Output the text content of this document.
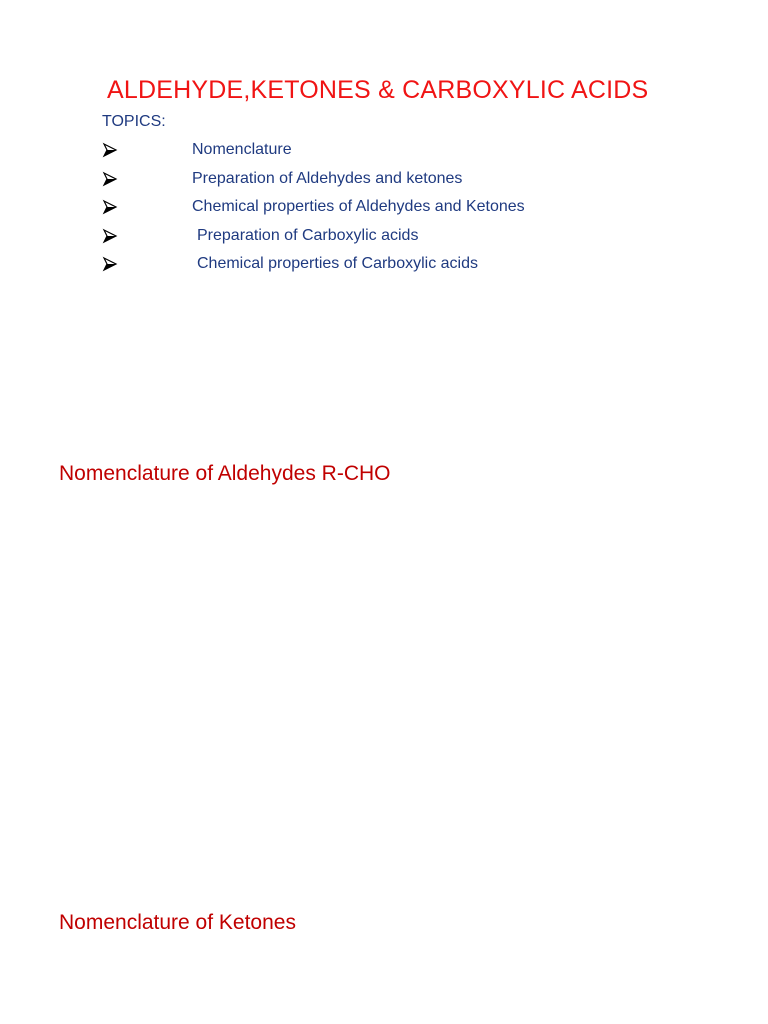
ALDEHYDE,KETONES & CARBOXYLIC ACIDS
TOPICS:
Nomenclature
Preparation of Aldehydes and ketones
Chemical properties of Aldehydes and Ketones
Preparation of Carboxylic acids
Chemical properties of Carboxylic acids
Nomenclature of Aldehydes R-CHO
Nomenclature of Ketones
